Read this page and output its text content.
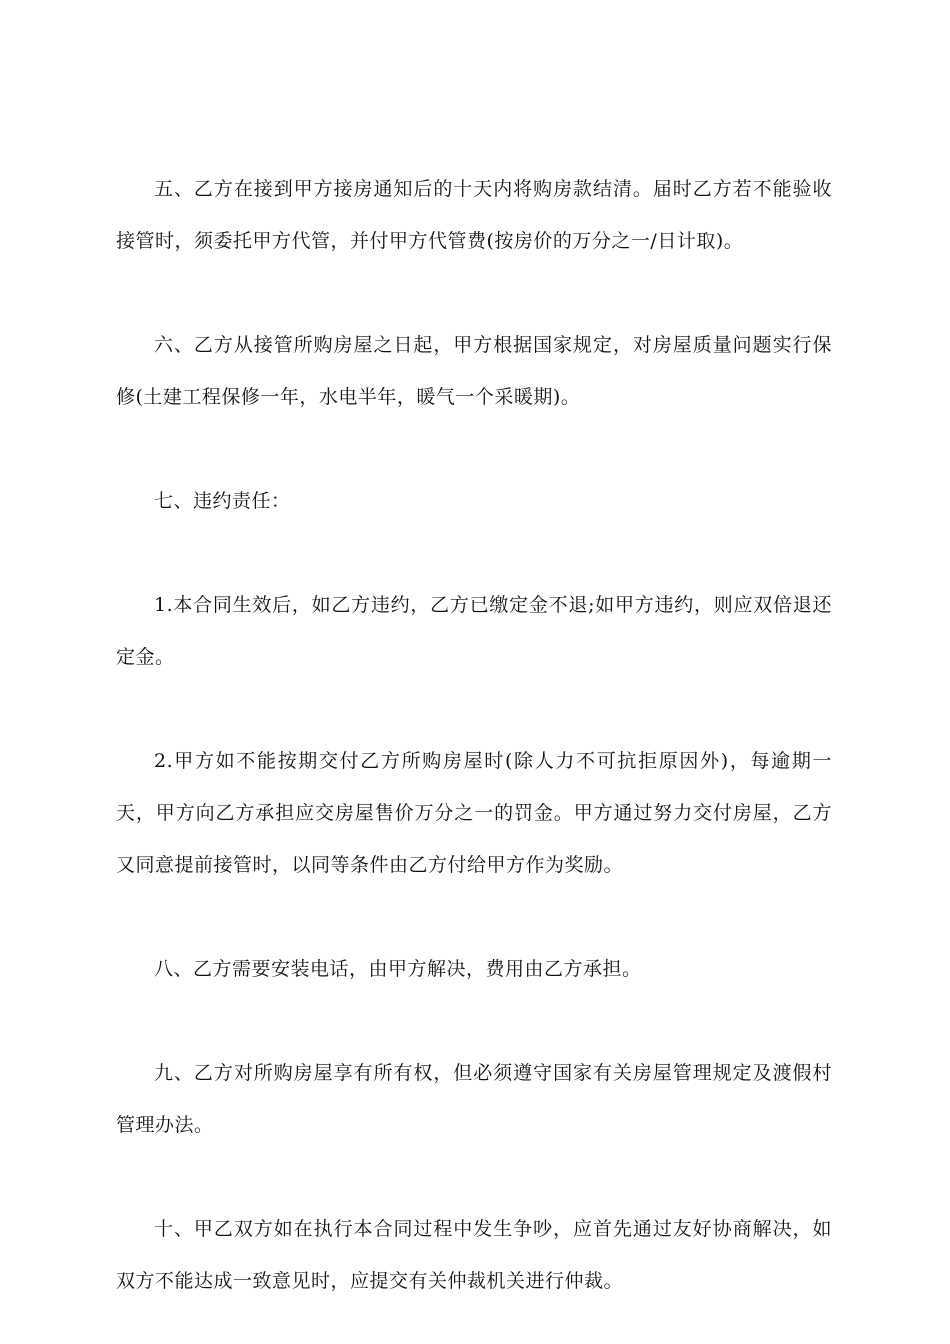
五、乙方在接到甲方接房通知后的十天内将购房款结清。届时乙方若不能验收接管时，须委托甲方代管，并付甲方代管费(按房价的万分之一/日计取)。

六、乙方从接管所购房屋之日起，甲方根据国家规定，对房屋质量问题实行保修(土建工程保修一年，水电半年，暖气一个采暖期)。

七、违约责任：

1.本合同生效后，如乙方违约，乙方已缴定金不退;如甲方违约，则应双倍退还定金。

2.甲方如不能按期交付乙方所购房屋时(除人力不可抗拒原因外)，每逾期一天，甲方向乙方承担应交房屋售价万分之一的罚金。甲方通过努力交付房屋，乙方又同意提前接管时，以同等条件由乙方付给甲方作为奖励。

八、乙方需要安装电话，由甲方解决，费用由乙方承担。

九、乙方对所购房屋享有所有权，但必须遵守国家有关房屋管理规定及渡假村管理办法。

十、甲乙双方如在执行本合同过程中发生争吵，应首先通过友好协商解决，如双方不能达成一致意见时，应提交有关仲裁机关进行仲裁。
